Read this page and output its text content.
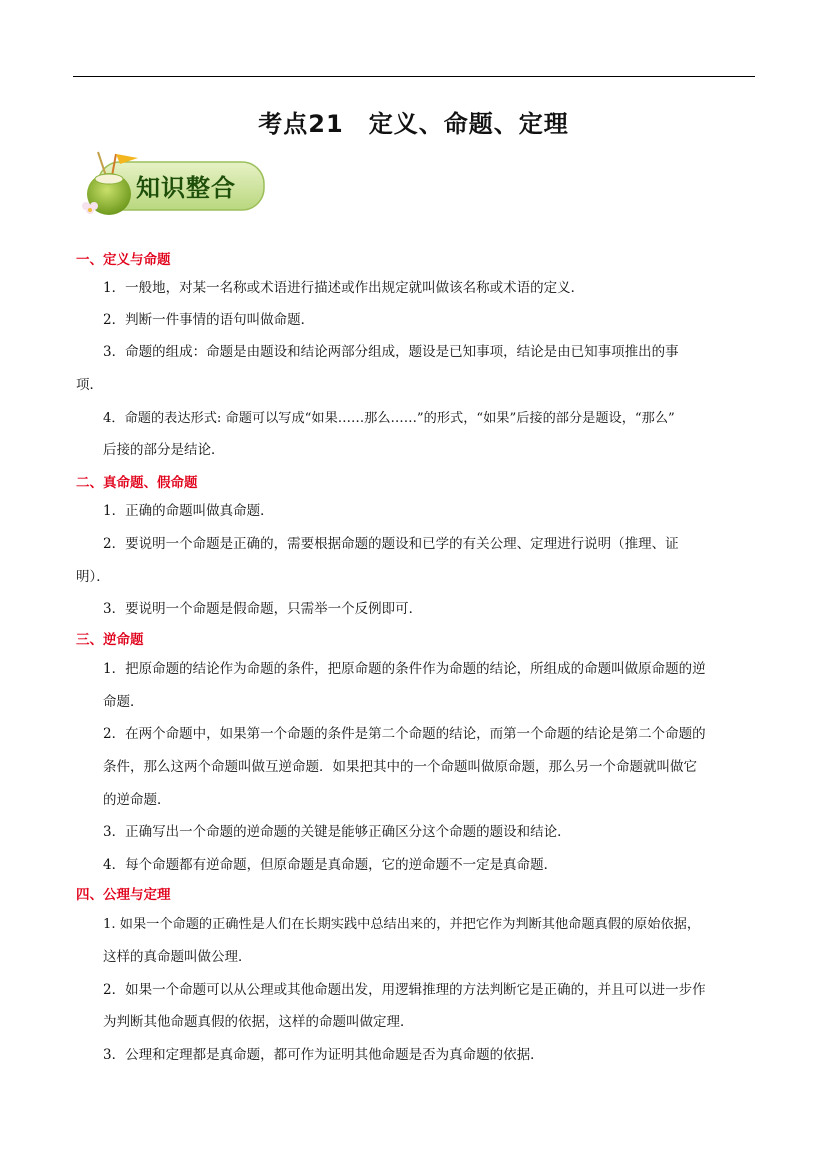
考点21　定义、命题、定理
知识整合
一、定义与命题
1．一般地，对某一名称或术语进行描述或作出规定就叫做该名称或术语的定义．
2．判断一件事情的语句叫做命题．
3．命题的组成：命题是由题设和结论两部分组成，题设是已知事项，结论是由已知事项推出的事
项．
4．命题的表达形式: 命题可以写成“如果……那么……”的形式，“如果”后接的部分是题设，“那么”
后接的部分是结论．
二、真命题、假命题
1．正确的命题叫做真命题．
2．要说明一个命题是正确的，需要根据命题的题设和已学的有关公理、定理进行说明（推理、证
明）．
3．要说明一个命题是假命题，只需举一个反例即可．
三、逆命题
1．把原命题的结论作为命题的条件，把原命题的条件作为命题的结论，所组成的命题叫做原命题的逆
命题．
2．在两个命题中，如果第一个命题的条件是第二个命题的结论，而第一个命题的结论是第二个命题的
条件，那么这两个命题叫做互逆命题．如果把其中的一个命题叫做原命题，那么另一个命题就叫做它
的逆命题．
3．正确写出一个命题的逆命题的关键是能够正确区分这个命题的题设和结论．
4．每个命题都有逆命题，但原命题是真命题，它的逆命题不一定是真命题．
四、公理与定理
1. 如果一个命题的正确性是人们在长期实践中总结出来的，并把它作为判断其他命题真假的原始依据，
这样的真命题叫做公理．
2．如果一个命题可以从公理或其他命题出发，用逻辑推理的方法判断它是正确的，并且可以进一步作
为判断其他命题真假的依据，这样的命题叫做定理．
3．公理和定理都是真命题，都可作为证明其他命题是否为真命题的依据．
